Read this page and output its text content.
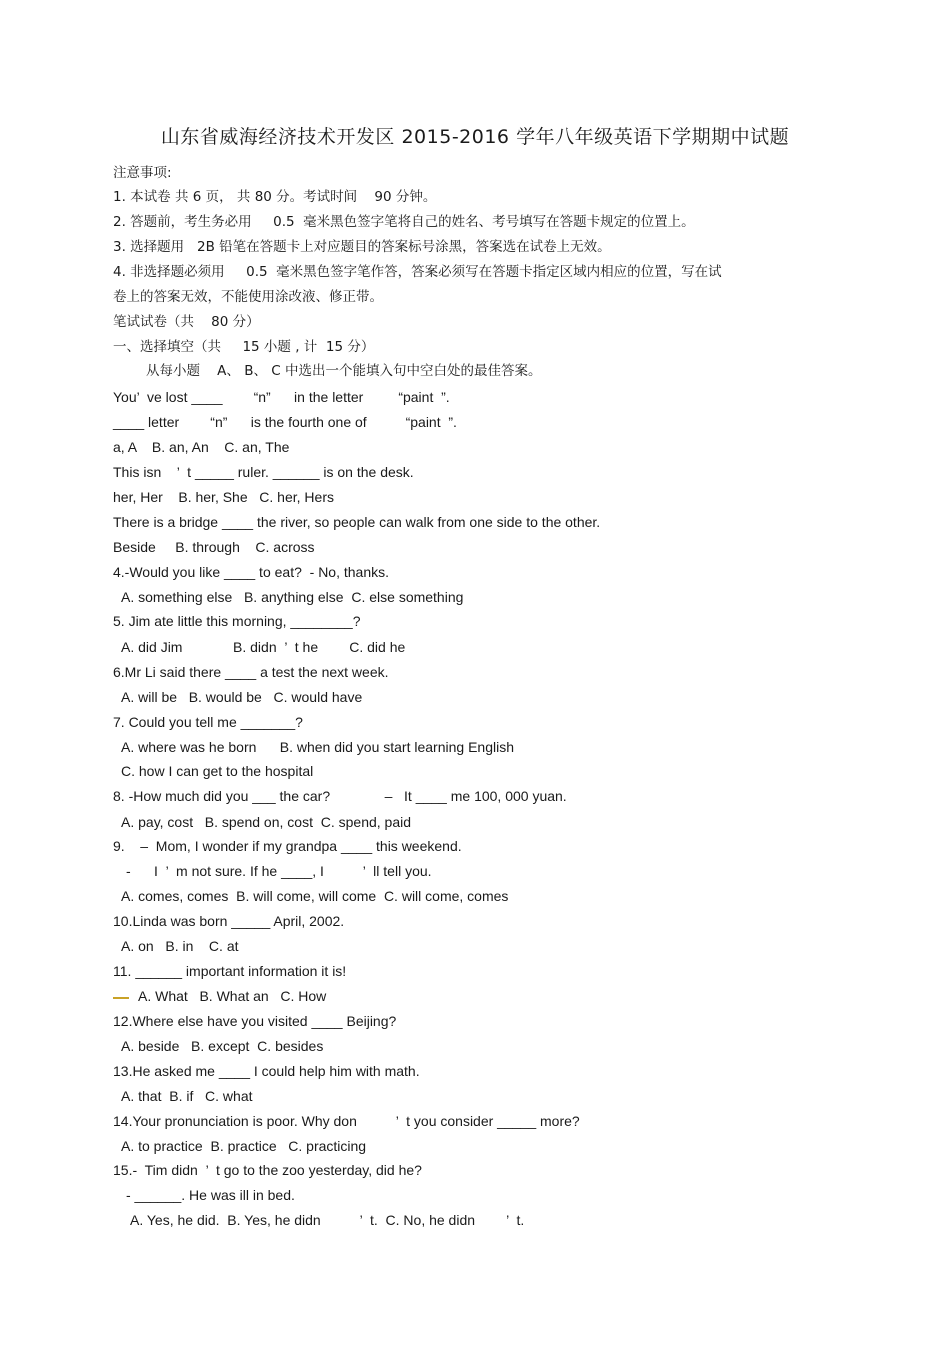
山东省威海经济技术开发区 2015-2016 学年八年级英语下学期期中试题
注意事项:
1. 本试卷 共 6 页， 共 80 分。考试时间    90 分钟。
2. 答题前，考生务必用     0.5  毫米黑色签字笔将自己的姓名、考号填写在答题卡规定的位置上。
3. 选择题用   2B 铅笔在答题卡上对应题目的答案标号涂黑，答案选在试卷上无效。
4. 非选择题必须用     0.5  毫米黑色签字笔作答，答案必须写在答题卡指定区域内相应的位置，写在试
卷上的答案无效，不能使用涂改液、修正带。
笔试试卷（共    80 分）
一、选择填空（共     15 小题 , 计  15 分）
从每小题    A、 B、 C 中选出一个能填入句中空白处的最佳答案。
You’  ve lost ____        “n”      in the letter         “paint  ”.
____ letter        “n”      is the fourth one of          “paint  ”.
a, A    B. an, An    C. an, The
This isn    ’  t _____ ruler. ______ is on the desk.
her, Her    B. her, She   C. her, Hers
There is a bridge ____ the river, so people can walk from one side to the other.
Beside     B. through    C. across
4.-Would you like ____ to eat?  - No, thanks.
A. something else   B. anything else  C. else something
5. Jim ate little this morning, ________?
A. did Jim             B. didn  ’  t he        C. did he
6.Mr Li said there ____ a test the next week.
A. will be   B. would be   C. would have
7. Could you tell me _______?
A. where was he born      B. when did you start learning English
C. how I can get to the hospital
8. -How much did you ___ the car?              –   It ____ me 100, 000 yuan.
A. pay, cost   B. spend on, cost  C. spend, paid
9.    –  Mom, I wonder if my grandpa ____ this weekend.
-      I  ’  m not sure. If he ____, I          ’  ll tell you.
A. comes, comes  B. will come, will come  C. will come, comes
10.Linda was born _____ April, 2002.
A. on   B. in    C. at
11. ______ important information it is!
A. What   B. What an   C. How
12.Where else have you visited ____ Beijing?
A. beside   B. except  C. besides
13.He asked me ____ I could help him with math.
A. that  B. if   C. what
14.Your pronunciation is poor. Why don          ’  t you consider _____ more?
A. to practice  B. practice   C. practicing
15.-  Tim didn  ’  t go to the zoo yesterday, did he?
- ______. He was ill in bed.
A. Yes, he did.  B. Yes, he didn          ’  t.  C. No, he didn        ’  t.
